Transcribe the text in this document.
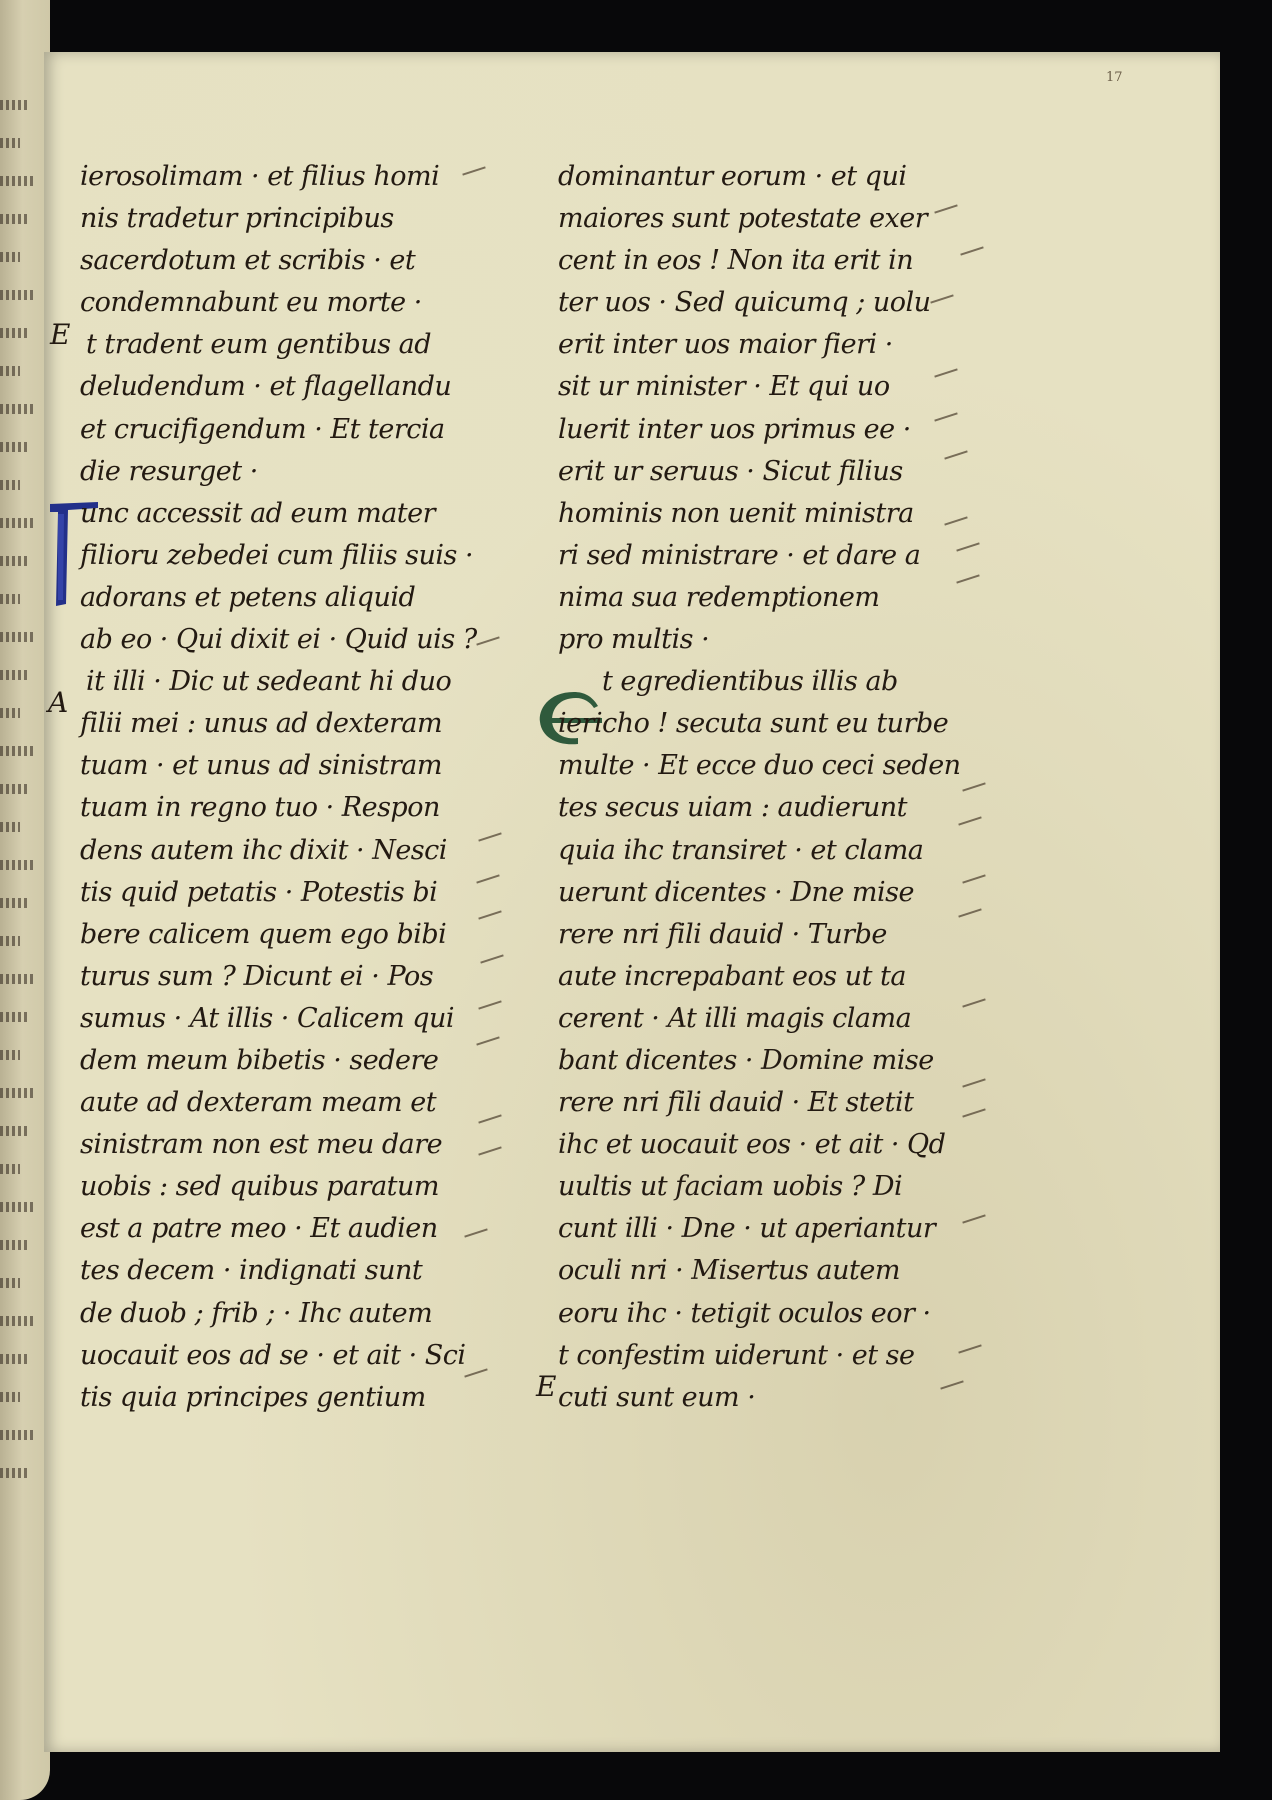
17
E
A
E
ierosolimam · et filius homi
nis tradetur principibus
sacerdotum et scribis · et
condemnabunt eu morte ·
t tradent eum gentibus ad
deludendum · et flagellandu
et crucifigendum · Et tercia
die resurget ·
unc accessit ad eum mater
filioru zebedei cum filiis suis ·
adorans et petens aliquid
ab eo · Qui dixit ei · Quid uis ?
it illi · Dic ut sedeant hi duo
filii mei : unus ad dexteram
tuam · et unus ad sinistram
tuam in regno tuo · Respon
dens autem ihc dixit · Nesci
tis quid petatis · Potestis bi
bere calicem quem ego bibi
turus sum ? Dicunt ei · Pos
sumus · At illis · Calicem qui
dem meum bibetis · sedere
aute ad dexteram meam et
sinistram non est meu dare
uobis : sed quibus paratum
est a patre meo · Et audien
tes decem · indignati sunt
de duob ; frib ; · Ihc autem
uocauit eos ad se · et ait · Sci
tis quia principes gentium
dominantur eorum · et qui
maiores sunt potestate exer
cent in eos ! Non ita erit in
ter uos · Sed quicumq ; uolu
erit inter uos maior fieri ·
sit ur minister · Et qui uo
luerit inter uos primus ee ·
erit ur seruus · Sicut filius
hominis non uenit ministra
ri sed ministrare · et dare a
nima sua redemptionem
pro multis ·
t egredientibus illis ab
iericho ! secuta sunt eu turbe
multe · Et ecce duo ceci seden
tes secus uiam : audierunt
quia ihc transiret · et clama
uerunt dicentes · Dne mise
rere nri fili dauid · Turbe
aute increpabant eos ut ta
cerent · At illi magis clama
bant dicentes · Domine mise
rere nri fili dauid · Et stetit
ihc et uocauit eos · et ait · Qd
uultis ut faciam uobis ? Di
cunt illi · Dne · ut aperiantur
oculi nri · Misertus autem
eoru ihc · tetigit oculos eor ·
t confestim uiderunt · et se
cuti sunt eum ·
